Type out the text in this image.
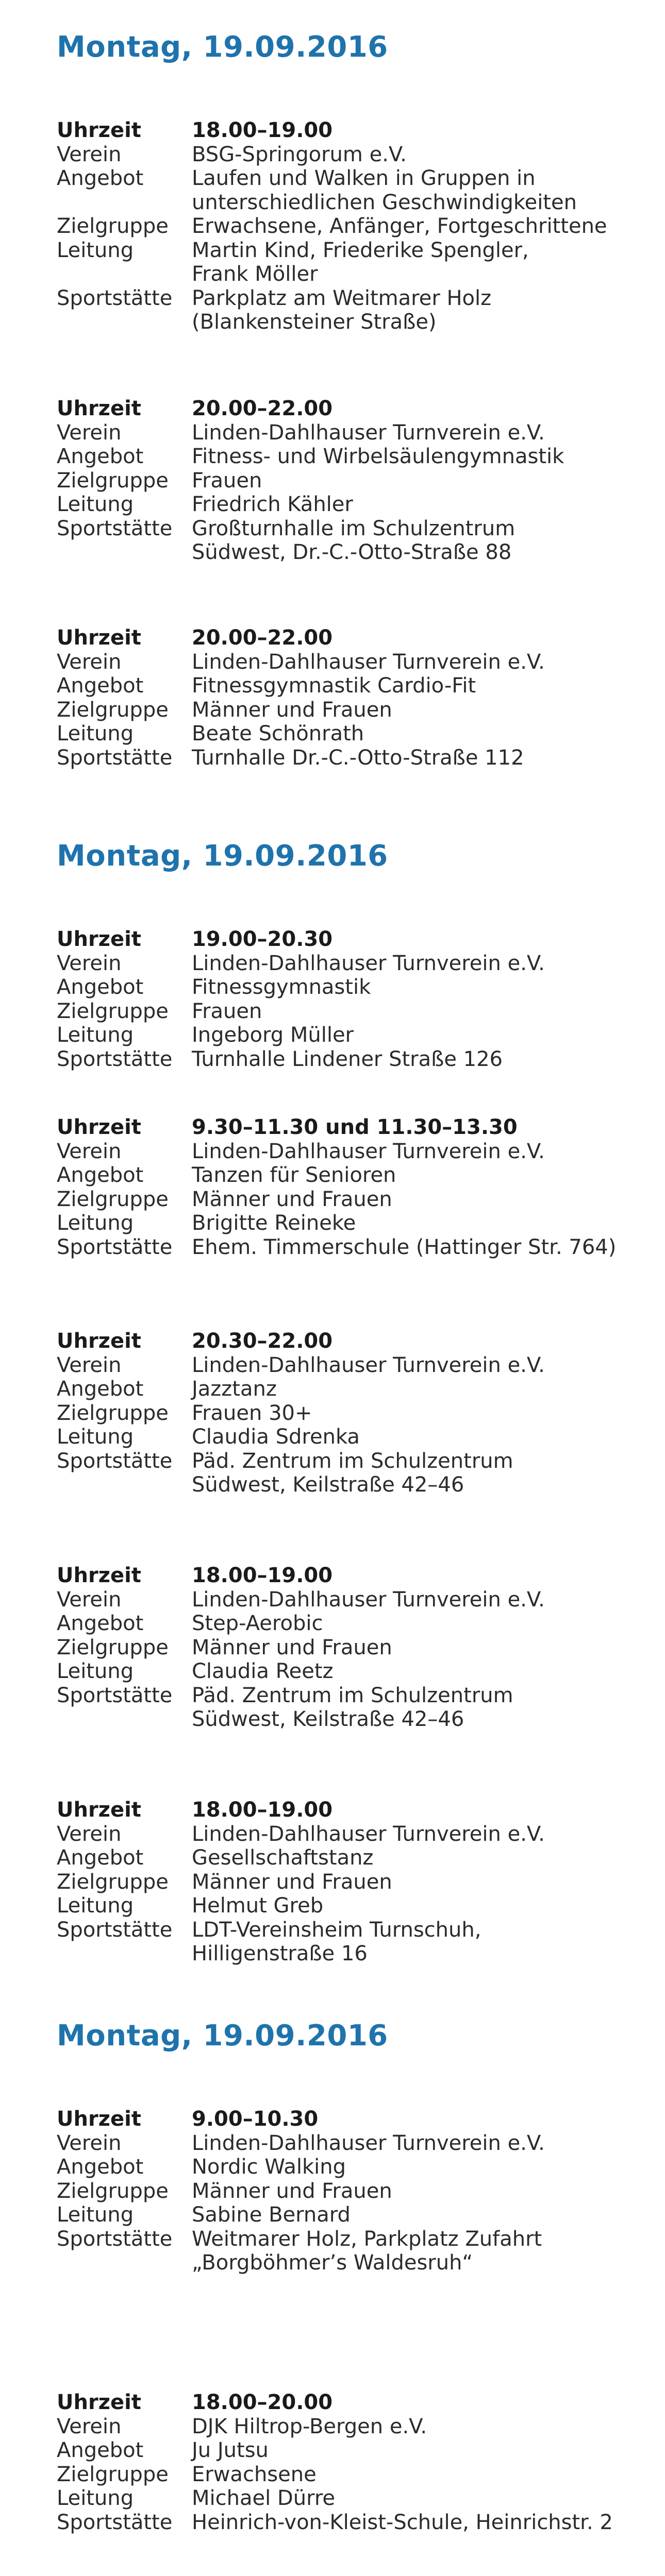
Montag, 19.09.2016
Uhrzeit	18.00–19.00
Verein	BSG-Springorum e.V.
Angebot	Laufen und Walken in Gruppen in
unterschiedlichen Geschwindigkeiten
Zielgruppe	Erwachsene, Anfänger, Fortgeschrittene
Leitung	Martin Kind, Friederike Spengler,
Frank Möller
Sportstätte Parkplatz am Weitmarer Holz
(Blankensteiner Straße)
Uhrzeit	20.00–22.00
Verein	Linden-Dahlhauser Turnverein e.V.
Angebot	Fitness- und Wirbelsäulengymnastik
Zielgruppe	Frauen
Leitung	Friedrich Kähler
Sportstätte Großturnhalle im Schulzentrum
Südwest, Dr.-C.-Otto-Straße 88
Uhrzeit	20.00–22.00
Verein	Linden-Dahlhauser Turnverein e.V.
Angebot	Fitnessgymnastik Cardio-Fit
Zielgruppe	Männer und Frauen
Leitung	Beate Schönrath
Sportstätte Turnhalle Dr.-C.-Otto-Straße 112
Montag, 19.09.2016
Uhrzeit	19.00–20.30
Verein	Linden-Dahlhauser Turnverein e.V.
Angebot	Fitnessgymnastik
Zielgruppe	Frauen
Leitung	Ingeborg Müller
Sportstätte Turnhalle Lindener Straße 126
Uhrzeit	9.30–11.30 und 11.30–13.30
Verein	Linden-Dahlhauser Turnverein e.V.
Angebot	Tanzen für Senioren
Zielgruppe	Männer und Frauen
Leitung	Brigitte Reineke
Sportstätte Ehem. Timmerschule (Hattinger Str. 764)
Uhrzeit	20.30–22.00
Verein	Linden-Dahlhauser Turnverein e.V.
Angebot	Jazztanz
Zielgruppe	Frauen 30+
Leitung	Claudia Sdrenka
Sportstätte Päd. Zentrum im Schulzentrum
Südwest, Keilstraße 42–46
Uhrzeit	18.00–19.00
Verein	Linden-Dahlhauser Turnverein e.V.
Angebot	Step-Aerobic
Zielgruppe	Männer und Frauen
Leitung	Claudia Reetz
Sportstätte Päd. Zentrum im Schulzentrum
Südwest, Keilstraße 42–46
Uhrzeit	18.00–19.00
Verein	Linden-Dahlhauser Turnverein e.V.
Angebot	Gesellschaftstanz
Zielgruppe	Männer und Frauen
Leitung	Helmut Greb
Sportstätte LDT-Vereinsheim Turnschuh,
Hilligenstraße 16
Montag, 19.09.2016
Uhrzeit	9.00–10.30
Verein	Linden-Dahlhauser Turnverein e.V.
Angebot	Nordic Walking
Zielgruppe	Männer und Frauen
Leitung	Sabine Bernard
Sportstätte Weitmarer Holz, Parkplatz Zufahrt
„Borgböhmer’s Waldesruh“
Uhrzeit	18.00–20.00
Verein	DJK Hiltrop-Bergen e.V.
Angebot	Ju Jutsu
Zielgruppe	Erwachsene
Leitung	Michael Dürre
Sportstätte Heinrich-von-Kleist-Schule, Heinrichstr. 2
